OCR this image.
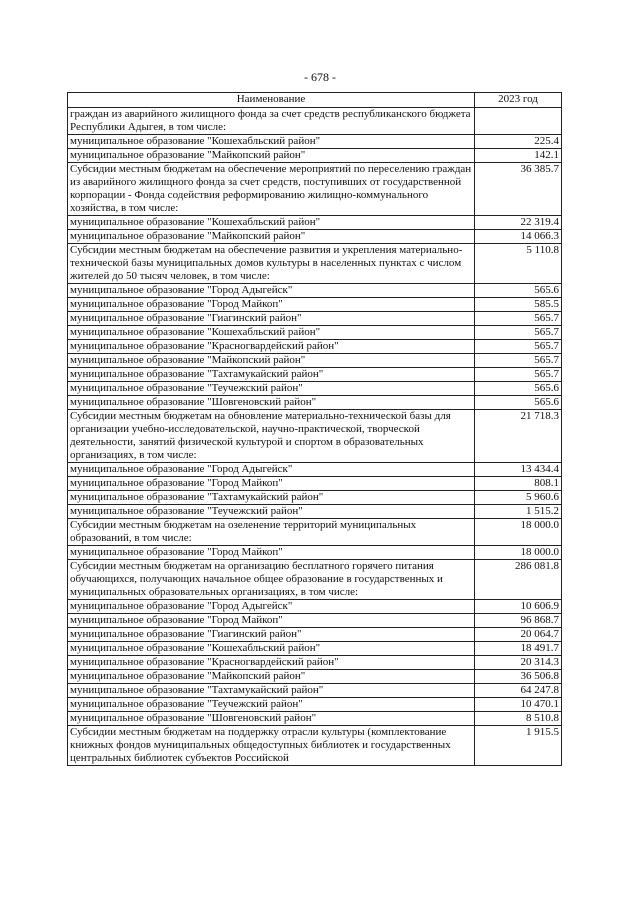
- 678 -
Наименование	2023 год
граждан из аварийного жилищного фонда за счет средств республиканского бюджета Республики Адыгея, в том числе:	
муниципальное образование "Кошехабльский район"	225.4
муниципальное образование "Майкопский район"	142.1
Субсидии местным бюджетам на обеспечение мероприятий по переселению граждан из аварийного жилищного фонда за счет средств, поступивших от государственной корпорации - Фонда содействия реформированию жилищно-коммунального хозяйства, в том числе:	36 385.7
муниципальное образование "Кошехабльский район"	22 319.4
муниципальное образование "Майкопский район"	14 066.3
Субсидии местным бюджетам на обеспечение развития и укрепления материально-технической базы муниципальных домов культуры в населенных пунктах с числом жителей до 50 тысяч человек, в том числе:	5 110.8
муниципальное образование "Город Адыгейск"	565.6
муниципальное образование "Город Майкоп"	585.5
муниципальное образование "Гиагинский район"	565.7
муниципальное образование "Кошехабльский район"	565.7
муниципальное образование "Красногвардейский район"	565.7
муниципальное образование "Майкопский район"	565.7
муниципальное образование "Тахтамукайский район"	565.7
муниципальное образование "Теучежский район"	565.6
муниципальное образование "Шовгеновский район"	565.6
Субсидии местным бюджетам на обновление материально-технической базы для организации учебно-исследовательской, научно-практической, творческой деятельности, занятий физической культурой и спортом в образовательных организациях, в том числе:	21 718.3
муниципальное образование "Город Адыгейск"	13 434.4
муниципальное образование "Город Майкоп"	808.1
муниципальное образование "Тахтамукайский район"	5 960.6
муниципальное образование "Теучежский район"	1 515.2
Субсидии местным бюджетам на озеленение территорий муниципальных образований, в том числе:	18 000.0
муниципальное образование "Город Майкоп"	18 000.0
Субсидии местным бюджетам на организацию бесплатного горячего питания обучающихся, получающих начальное общее образование в государственных и муниципальных образовательных организациях, в том числе:	286 081.8
муниципальное образование "Город Адыгейск"	10 606.9
муниципальное образование "Город Майкоп"	96 868.7
муниципальное образование "Гиагинский район"	20 064.7
муниципальное образование "Кошехабльский район"	18 491.7
муниципальное образование "Красногвардейский район"	20 314.3
муниципальное образование "Майкопский район"	36 506.8
муниципальное образование "Тахтамукайский район"	64 247.8
муниципальное образование "Теучежский район"	10 470.1
муниципальное образование "Шовгеновский район"	8 510.8
Субсидии местным бюджетам на поддержку отрасли культуры (комплектование книжных фондов муниципальных общедоступных библиотек и государственных центральных библиотек субъектов Российской	1 915.5
